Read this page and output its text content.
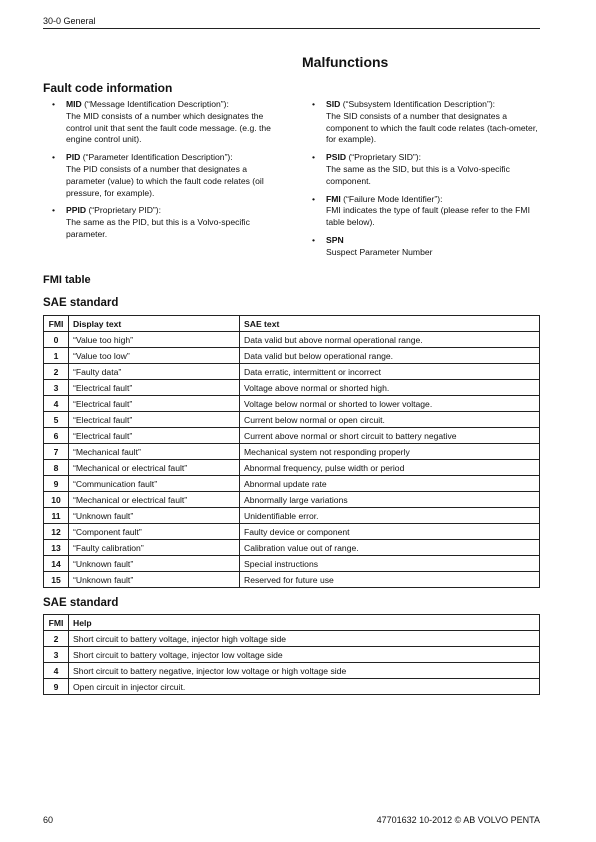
30-0 General
Malfunctions
Fault code information
• MID (“Message Identification Description”):
The MID consists of a number which designates the control unit that sent the fault code message. (e.g. the engine control unit).
• PID (“Parameter Identification Description”):
The PID consists of a number that designates a parameter (value) to which the fault code relates (oil pressure, for example).
• PPID (“Proprietary PID”):
The same as the PID, but this is a Volvo-specific parameter.
• SID (“Subsystem Identification Description”):
The SID consists of a number that designates a component to which the fault code relates (tach-ometer, for example).
• PSID (“Proprietary SID”):
The same as the SID, but this is a Volvo-specific component.
• FMI (“Failure Mode Identifier”):
FMI indicates the type of fault (please refer to the FMI table below).
• SPN
Suspect Parameter Number
FMI table
SAE standard
FMI	Display text	SAE text
0	“Value too high”	Data valid but above normal operational range.
1	“Value too low”	Data valid but below operational range.
2	“Faulty data”	Data erratic, intermittent or incorrect
3	“Electrical fault”	Voltage above normal or shorted high.
4	“Electrical fault”	Voltage below normal or shorted to lower voltage.
5	“Electrical fault”	Current below normal or open circuit.
6	“Electrical fault”	Current above normal or short circuit to battery negative
7	“Mechanical fault”	Mechanical system not responding properly
8	“Mechanical or electrical fault”	Abnormal frequency, pulse width or period
9	“Communication fault”	Abnormal update rate
10	“Mechanical or electrical fault”	Abnormally large variations
11	“Unknown fault”	Unidentifiable error.
12	“Component fault”	Faulty device or component
13	“Faulty calibration”	Calibration value out of range.
14	“Unknown fault”	Special instructions
15	“Unknown fault”	Reserved for future use
SAE standard
FMI	Help
2	Short circuit to battery voltage, injector high voltage side
3	Short circuit to battery voltage, injector low voltage side
4	Short circuit to battery negative, injector low voltage or high voltage side
9	Open circuit in injector circuit.
60	47701632 10-2012 © AB VOLVO PENTA
